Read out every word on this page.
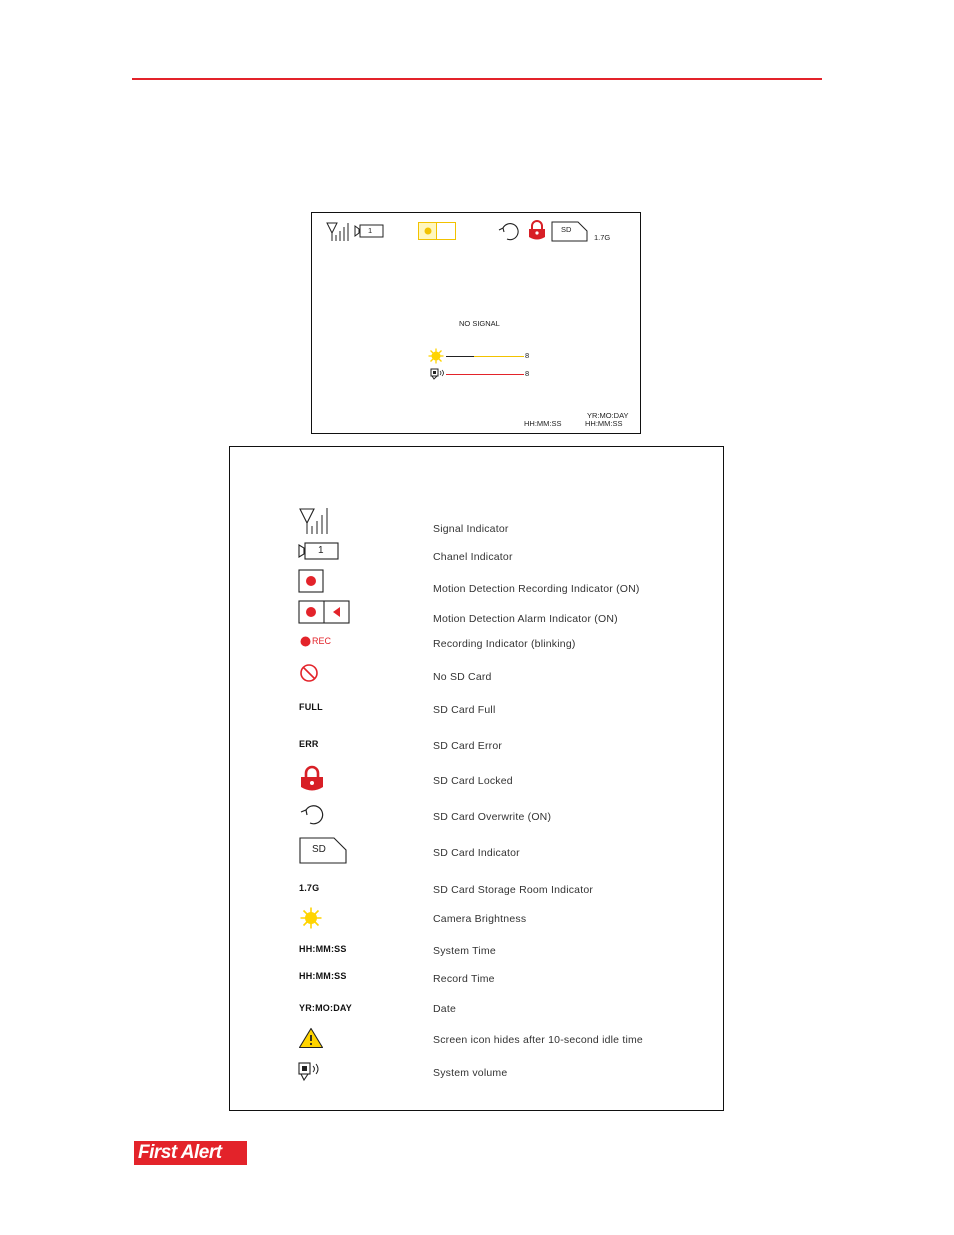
1	SD
1.7G
NO SIGNAL
8
8
HH:MM:SS
YR:MO:DAY
HH:MM:SS
Signal Indicator
1
Chanel Indicator
Motion Detection Recording Indicator (ON)
Motion Detection Alarm Indicator (ON)
REC	Recording Indicator (blinking)
No SD Card
FULL	SD Card Full
ERR	SD Card Error
SD Card Locked
SD Card Overwrite (ON)
SD	SD Card Indicator
1.7G	SD Card Storage Room Indicator
Camera Brightness
HH:MM:SS	System Time
HH:MM:SS	Record Time
YR:MO:DAY	Date
Screen icon hides after 10-second idle time
System volume
First Alert
